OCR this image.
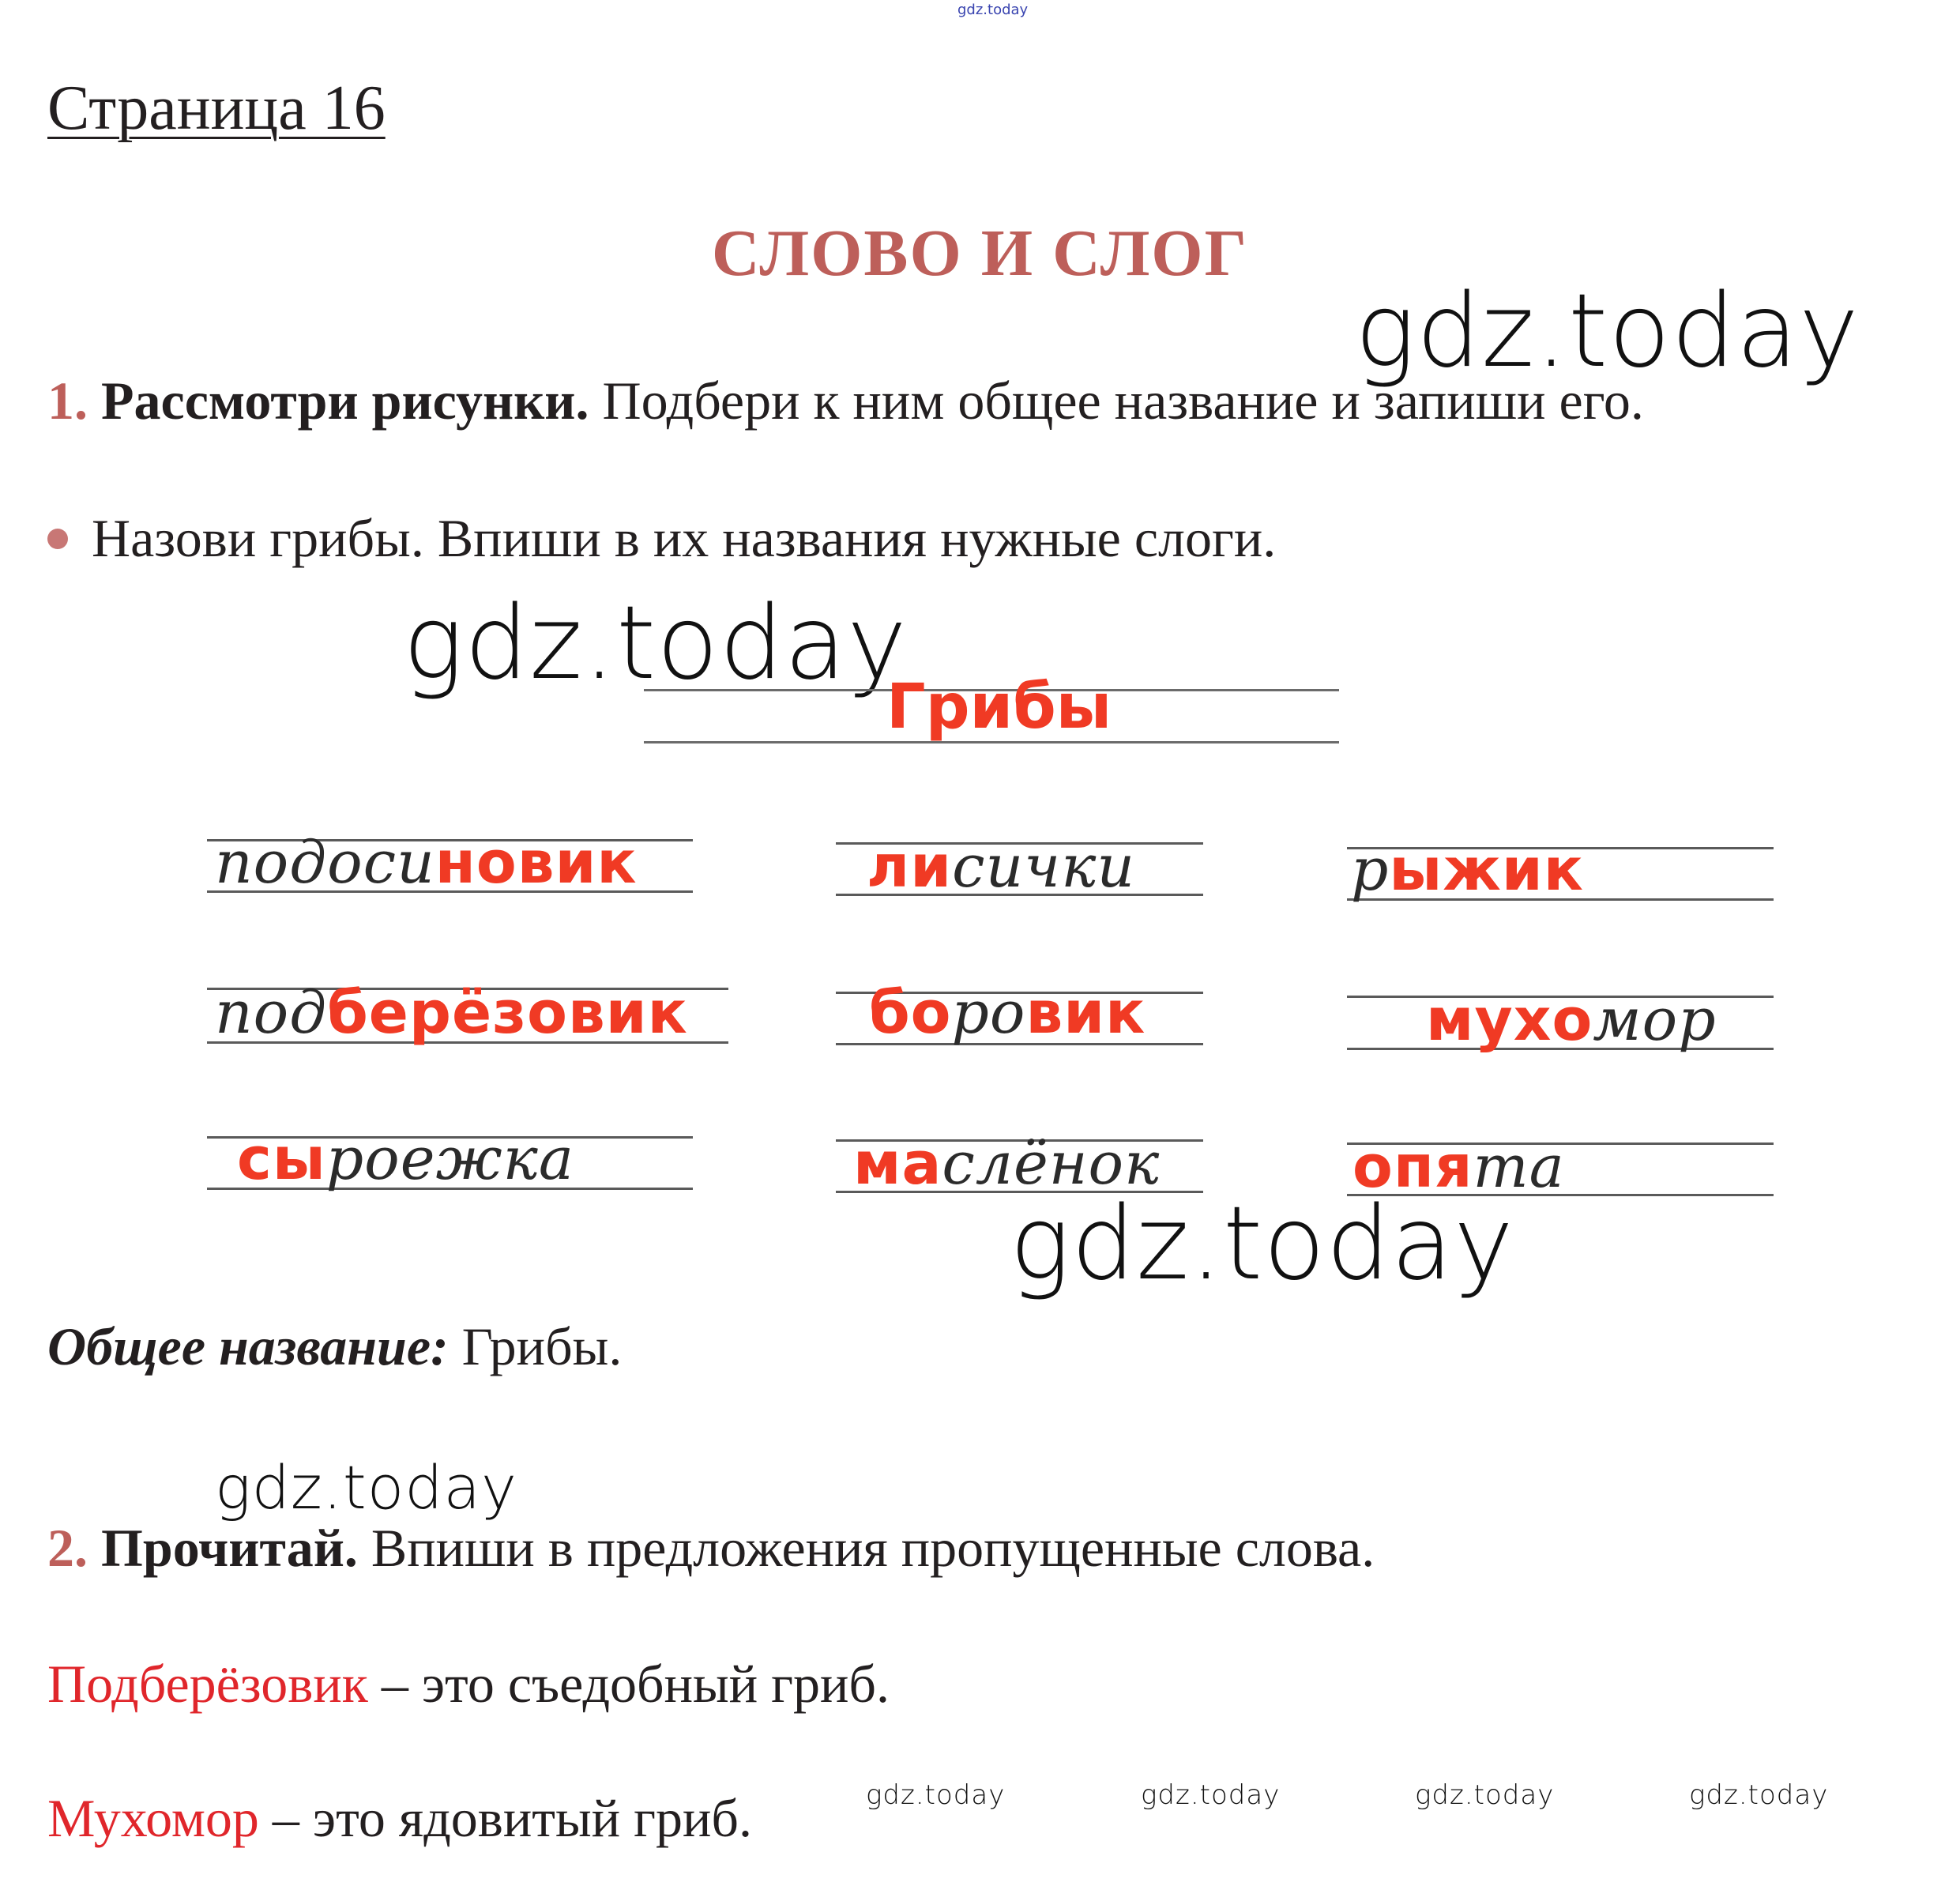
gdz.today
gdz.today
gdz.today
gdz.today
gdz.today
gdz.today	gdz.today	gdz.today	gdz.today
Страница 16
СЛОВО И СЛОГ
1. Рассмотри рисунки. Подбери к ним общее название и запиши его.
Назови грибы. Впиши в их названия нужные слоги.
Грибы
подосиновик	лисички	рыжик
подберёзовик	боровик	мухомор
сыроежка	маслёнок	опята
Общее название: Грибы.
2. Прочитай. Впиши в предложения пропущенные слова.
Подберёзовик – это съедобный гриб.
Мухомор – это ядовитый гриб.
